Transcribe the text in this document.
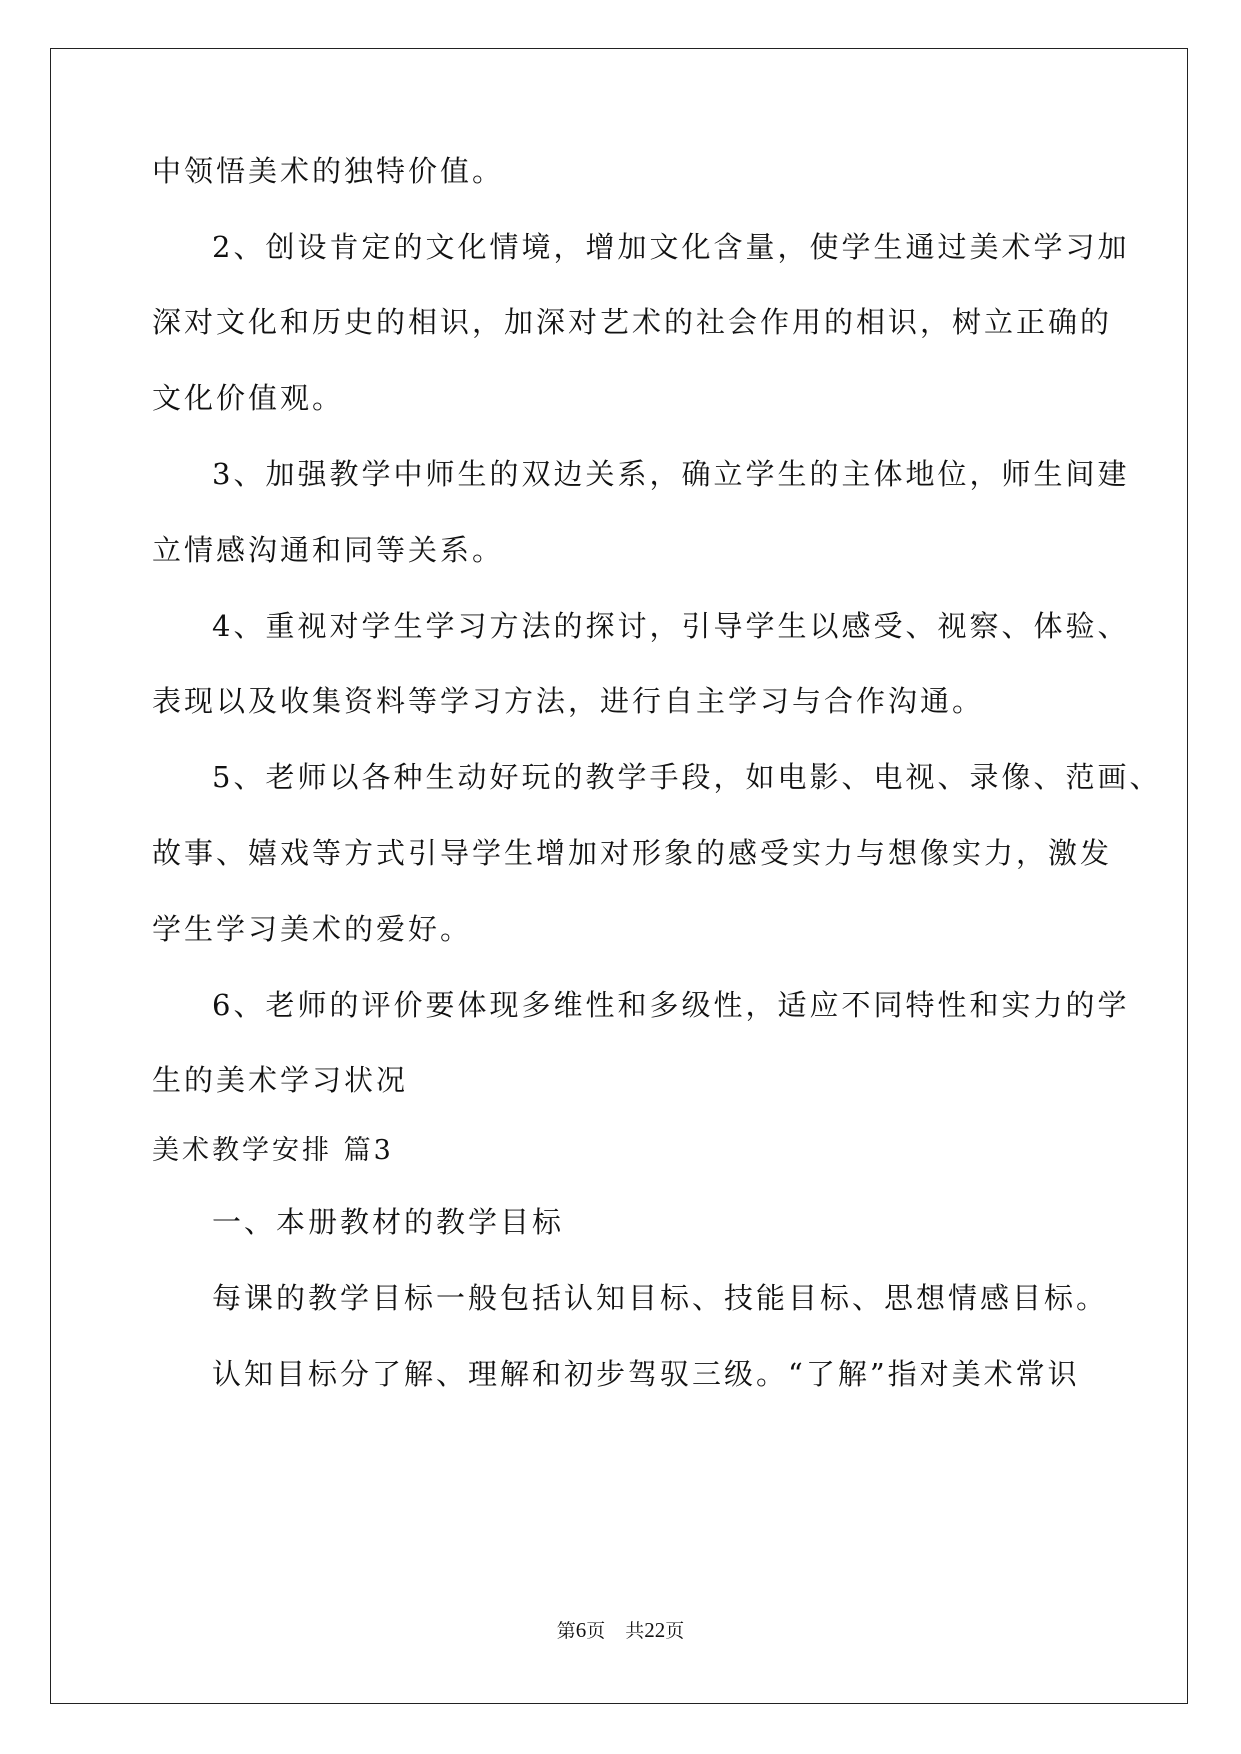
中领悟美术的独特价值。
2、创设肯定的文化情境，增加文化含量，使学生通过美术学习加
深对文化和历史的相识，加深对艺术的社会作用的相识，树立正确的
文化价值观。
3、加强教学中师生的双边关系，确立学生的主体地位，师生间建
立情感沟通和同等关系。
4、重视对学生学习方法的探讨，引导学生以感受、视察、体验、
表现以及收集资料等学习方法，进行自主学习与合作沟通。
5、老师以各种生动好玩的教学手段，如电影、电视、录像、范画、
故事、嬉戏等方式引导学生增加对形象的感受实力与想像实力，激发
学生学习美术的爱好。
6、老师的评价要体现多维性和多级性，适应不同特性和实力的学
生的美术学习状况
美术教学安排 篇3
一、本册教材的教学目标
每课的教学目标一般包括认知目标、技能目标、思想情感目标。
认知目标分了解、理解和初步驾驭三级。“了解”指对美术常识
第6页 共22页
